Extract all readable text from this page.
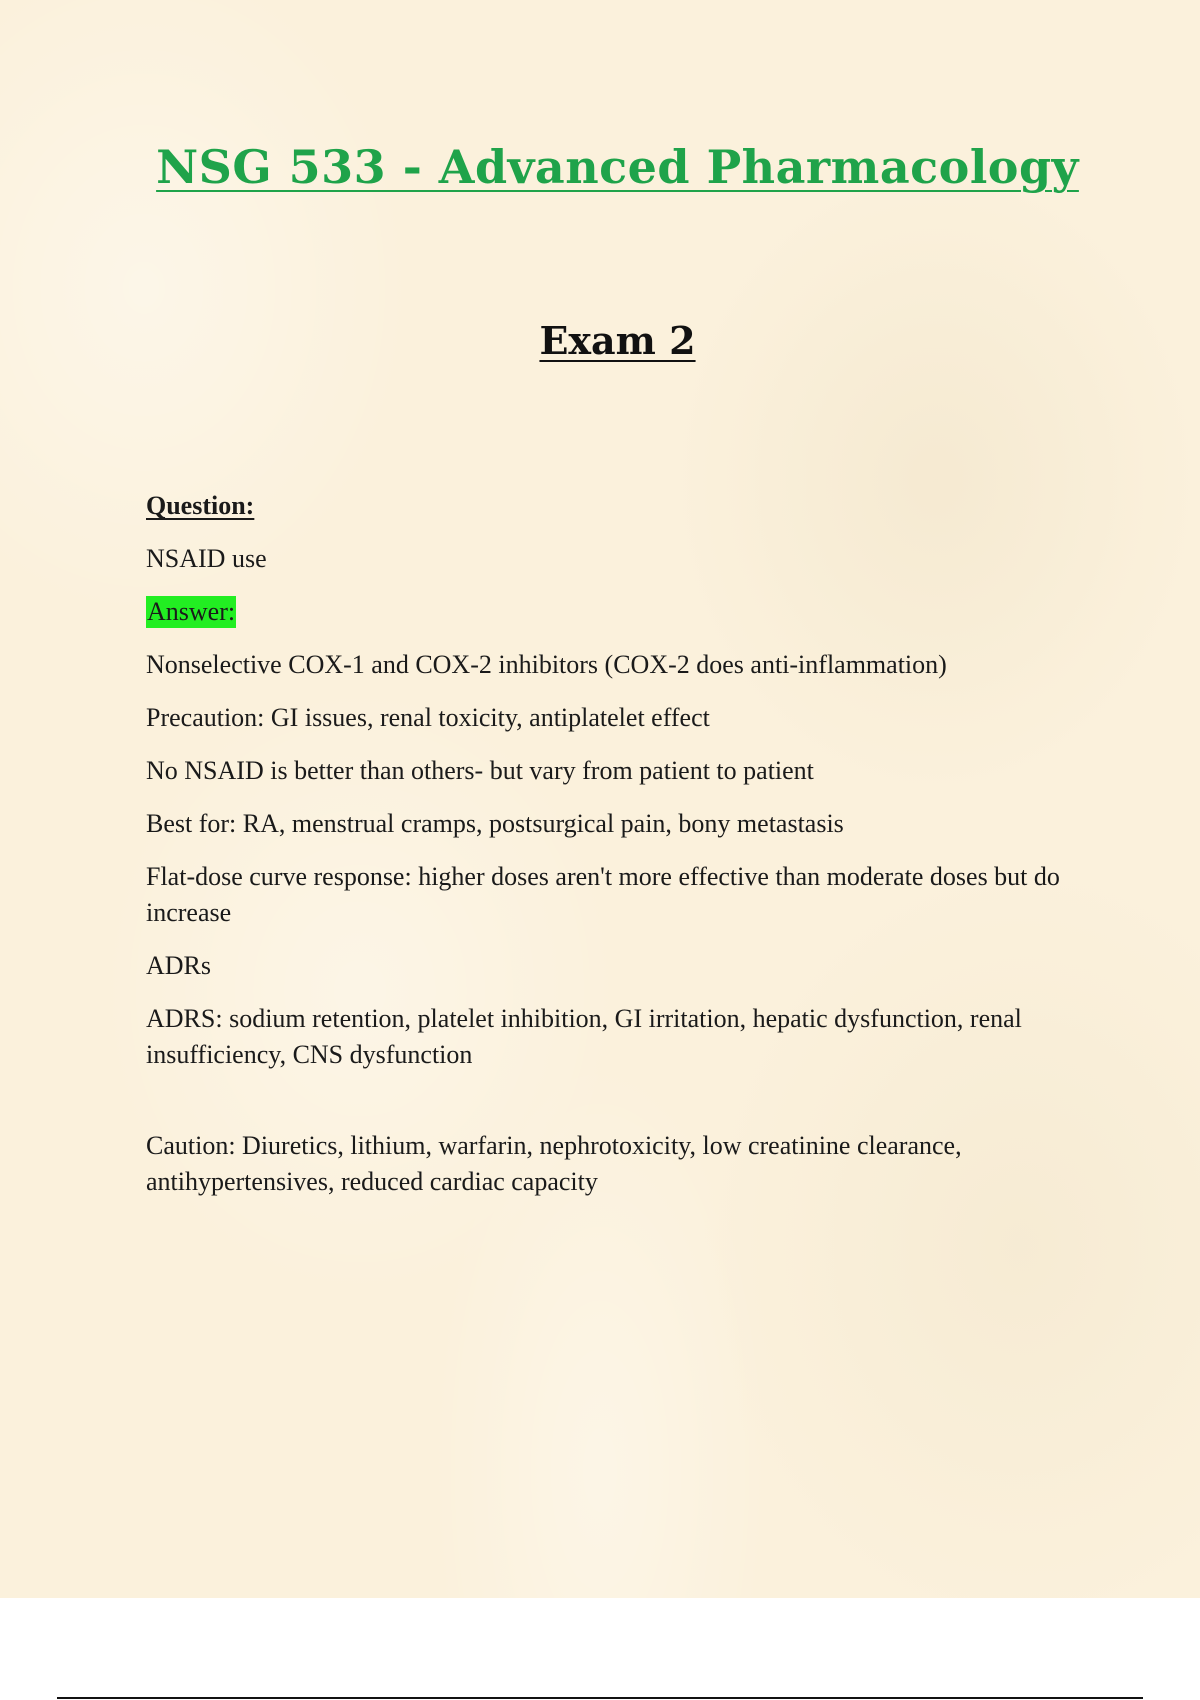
NSG 533 - Advanced Pharmacology
Exam 2

Question:

NSAID use

Answer:

Nonselective COX-1 and COX-2 inhibitors (COX-2 does anti-inflammation)

Precaution: GI issues, renal toxicity, antiplatelet effect

No NSAID is better than others- but vary from patient to patient

Best for: RA, menstrual cramps, postsurgical pain, bony metastasis

Flat-dose curve response: higher doses aren't more effective than moderate doses but do increase

ADRs

ADRS: sodium retention, platelet inhibition, GI irritation, hepatic dysfunction, renal insufficiency, CNS dysfunction

Caution: Diuretics, lithium, warfarin, nephrotoxicity, low creatinine clearance, antihypertensives, reduced cardiac capacity
